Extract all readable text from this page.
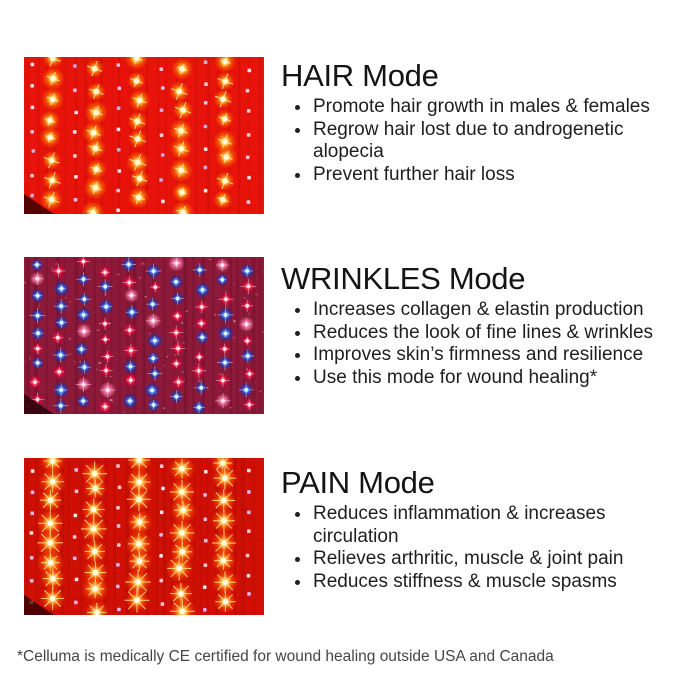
HAIR Mode
• Promote hair growth in males & females
• Regrow hair lost due to androgenetic alopecia
• Prevent further hair loss
WRINKLES Mode
• Increases collagen & elastin production
• Reduces the look of fine lines & wrinkles
• Improves skin’s firmness and resilience
• Use this mode for wound healing*
PAIN Mode
• Reduces inflammation & increases circulation
• Relieves arthritic, muscle & joint pain
• Reduces stiffness & muscle spasms

*Celluma is medically CE certified for wound healing outside USA and Canada
